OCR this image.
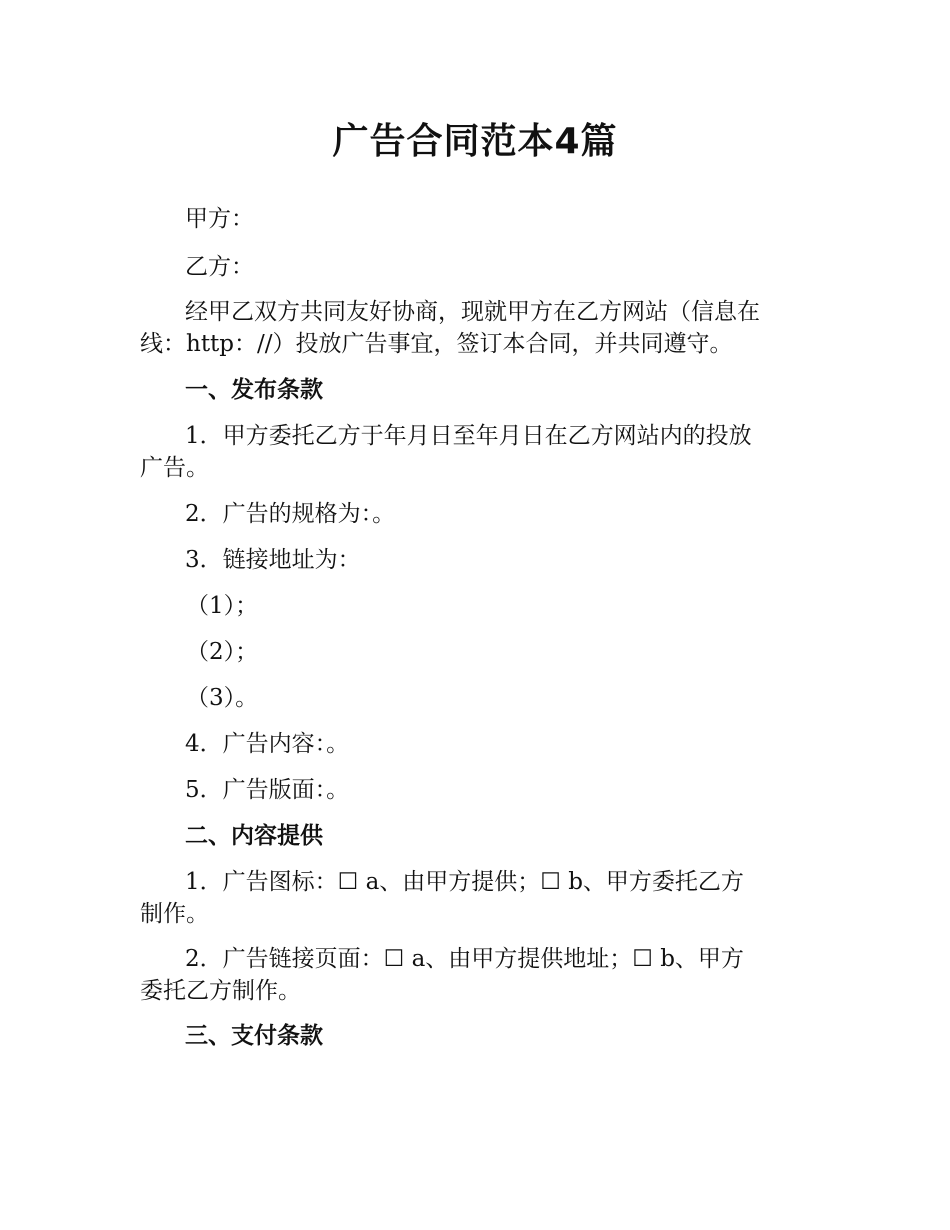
广告合同范本4篇

甲方：

乙方：

经甲乙双方共同友好协商，现就甲方在乙方网站（信息在

线：http：//）投放广告事宜，签订本合同，并共同遵守。

一、发布条款

1．甲方委托乙方于年月日至年月日在乙方网站内的投放

广告。

2．广告的规格为：。

3．链接地址为：

（1）；

（2）；

（3）。

4．广告内容：。

5．广告版面：。

二、内容提供

1．广告图标：☐ a、由甲方提供；☐ b、甲方委托乙方

制作。

2．广告链接页面：☐ a、由甲方提供地址；☐ b、甲方

委托乙方制作。

三、支付条款
